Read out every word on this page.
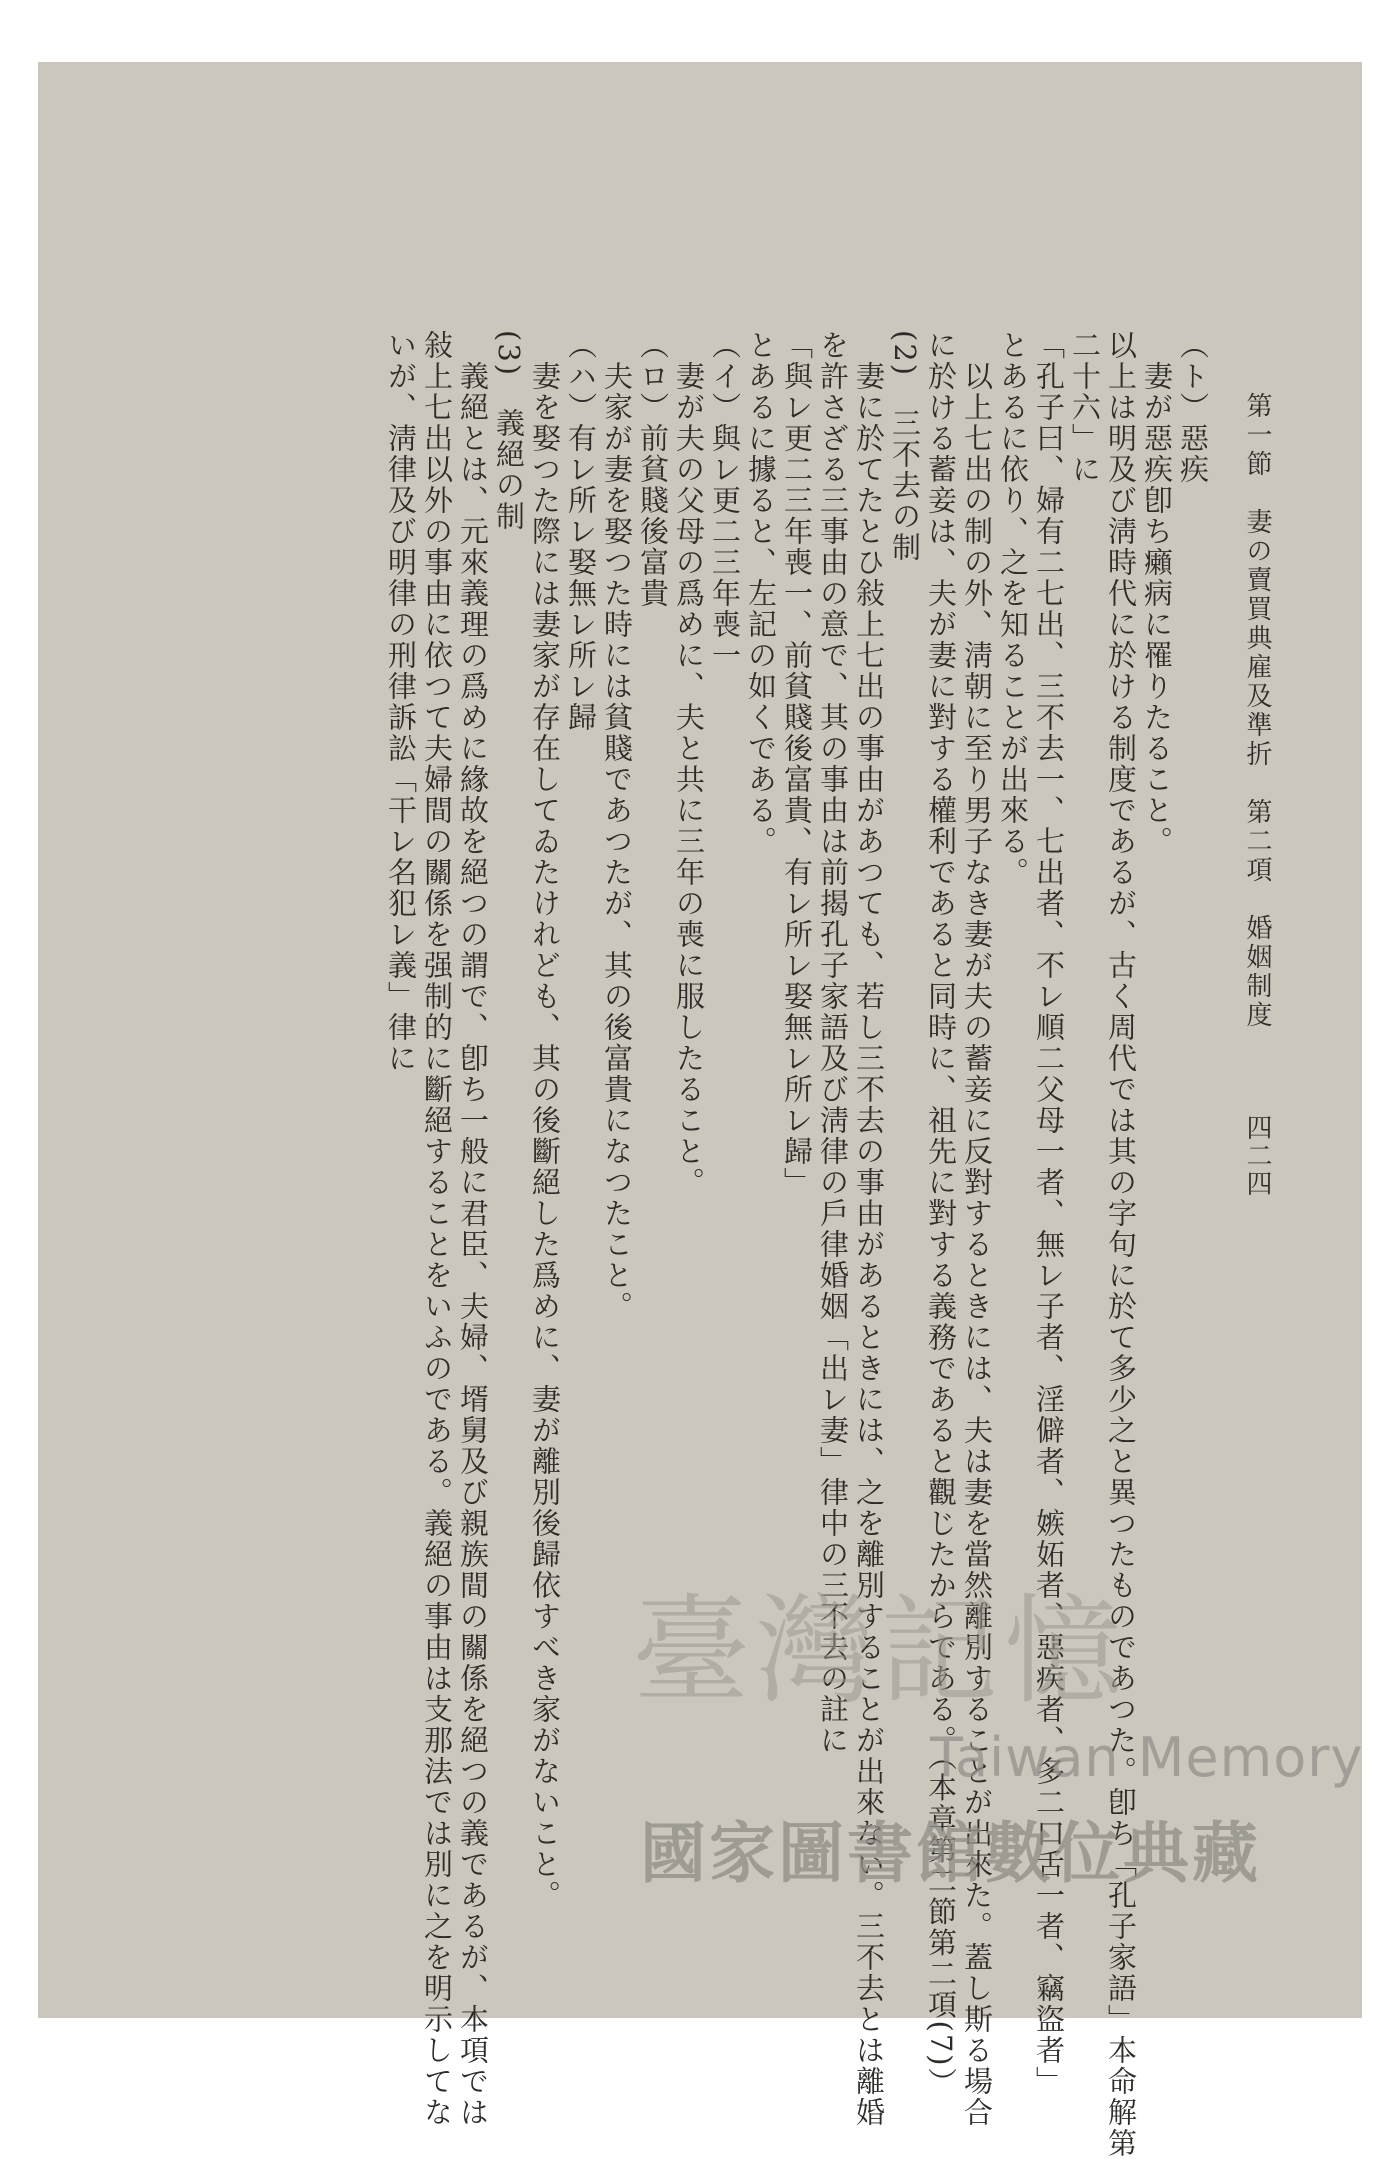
第一節　妻の賣買典雇及準折　第二項　婚姻制度
四二四
（ト）惡疾
　妻が惡疾卽ち癩病に罹りたること。
以上は明及び淸時代に於ける制度であるが、古く周代では其の字句に於て多少之と異つたものであつた。卽ち「孔子家語」本命解第
二十六」に
「孔子曰、婦有二七出、三不去一、七出者、不レ順二父母一者、無レ子者、淫僻者、嫉妬者、惡疾者、多二口舌一者、竊盜者」
とあるに依り、之を知ることが出來る。
　以上七出の制の外、淸朝に至り男子なき妻が夫の蓄妾に反對するときには、夫は妻を當然離別することが出來た。蓋し斯る場合
に於ける蓄妾は、夫が妻に對する權利であると同時に、祖先に對する義務であると觀じたからである。（本章第二節第二項(7)）
(2)　三不去の制
　妻に於てたとひ敍上七出の事由があつても、若し三不去の事由があるときには、之を離別することが出來ない。三不去とは離婚
を許さざる三事由の意で、其の事由は前揭孔子家語及び淸律の戶律婚姻「出レ妻」律中の三不去の註に
「與レ更二三年喪一、前貧賤後富貴、有レ所レ娶無レ所レ歸」
とあるに據ると、左記の如くである。
（イ）與レ更二三年喪一
　妻が夫の父母の爲めに、夫と共に三年の喪に服したること。
（ロ）前貧賤後富貴
　夫家が妻を娶つた時には貧賤であつたが、其の後富貴になつたこと。
（ハ）有レ所レ娶無レ所レ歸
　妻を娶つた際には妻家が存在してゐたけれども、其の後斷絕した爲めに、妻が離別後歸依すべき家がないこと。
(3)　義絕の制
　義絕とは、元來義理の爲めに緣故を絕つの謂で、卽ち一般に君臣、夫婦、壻舅及び親族間の關係を絕つの義であるが、本項では
敍上七出以外の事由に依つて夫婦間の關係を强制的に斷絕することをいふのである。義絕の事由は支那法では別に之を明示してな
いが、淸律及び明律の刑律訴訟「干レ名犯レ義」律に
臺灣記憶
Taiwan Memory
國家圖書館數位典藏
